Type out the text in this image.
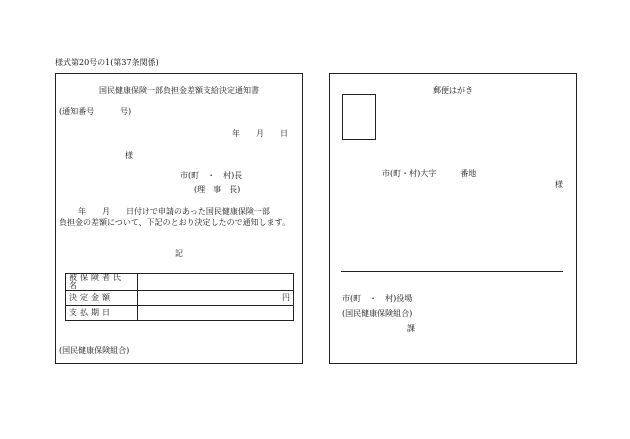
様式第20号の1(第37条関係)
国民健康保険一部負担金差額支給決定通知書
(通知番号	号)
年　　月　　日
様
市(町　・　村)長
(理　事　長)
年　　月　　日付けで申請のあった国民健康保険一部
負担金の差額について、下記のとおり決定したので通知します。
記
被保険者氏名	
決定金額	円
支払期日	
(国民健康保険組合)
郵便はがき
市(町・村)大字　　　番地
様
市(町　・　村)役場
(国民健康保険組合)
課
